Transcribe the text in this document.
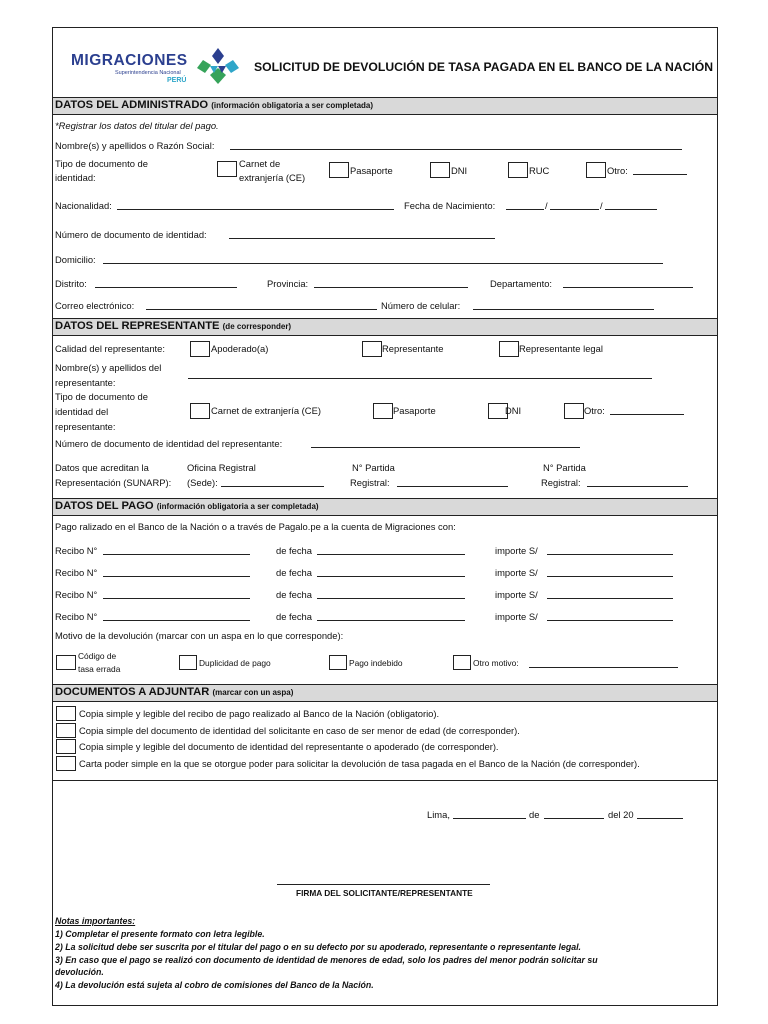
MIGRACIONES
Superintendencia Nacional
PERÚ
SOLICITUD DE DEVOLUCIÓN DE TASA PAGADA EN EL BANCO DE LA NACIÓN
DATOS DEL ADMINISTRADO (información obligatoria a ser completada)
*Registrar los datos del titular del pago.
Nombre(s) y apellidos o Razón Social:
Tipo de documento de
identidad:
Carnet de
extranjería (CE)
Pasaporte	DNI	RUC	Otro:
Nacionalidad:	Fecha de Nacimiento:	/	/
Número de documento de identidad:
Domicilio:
Distrito:	Provincia:	Departamento:
Correo electrónico:	Número de celular:
DATOS DEL REPRESENTANTE (de corresponder)
Calidad del representante:	Apoderado(a)	Representante	Representante legal
Nombre(s) y apellidos del
representante:
Tipo de documento de
identidad del
representante:
Carnet de extranjería (CE)	Pasaporte	DNI	Otro:
Número de documento de identidad del representante:
Datos que acreditan la
Representación (SUNARP):
Oficina Registral
(Sede):
N° Partida
Registral:
N° Partida
Registral:
DATOS DEL PAGO (información obligatoria a ser completada)
Pago ralizado en el Banco de la Nación o a través de Pagalo.pe a la cuenta de Migraciones con:
Recibo N°	de fecha	importe S/
Recibo N°	de fecha	importe S/
Recibo N°	de fecha	importe S/
Recibo N°	de fecha	importe S/
Motivo de la devolución (marcar con un aspa en lo que corresponde):
Código de
tasa errada
Duplicidad de pago	Pago indebido	Otro motivo:
DOCUMENTOS A ADJUNTAR (marcar con un aspa)
Copia simple y legible del recibo de pago realizado al Banco de la Nación (obligatorio).
Copia simple del documento de identidad del solicitante en caso de ser menor de edad (de corresponder).
Copia simple y legible del documento de identidad del representante o apoderado (de corresponder).
Carta poder simple en la que se otorgue poder para solicitar la devolución de tasa pagada en el Banco de la Nación (de corresponder).
Lima,	de	del 20
FIRMA DEL SOLICITANTE/REPRESENTANTE
Notas importantes:
1) Completar el presente formato con letra legible.
2) La solicitud debe ser suscrita por el titular del pago o en su defecto por su apoderado, representante o representante legal.
3) En caso que el pago se realizó con documento de identidad de menores de edad, solo los padres del menor podrán solicitar su
devolución.
4) La devolución está sujeta al cobro de comisiones del Banco de la Nación.
